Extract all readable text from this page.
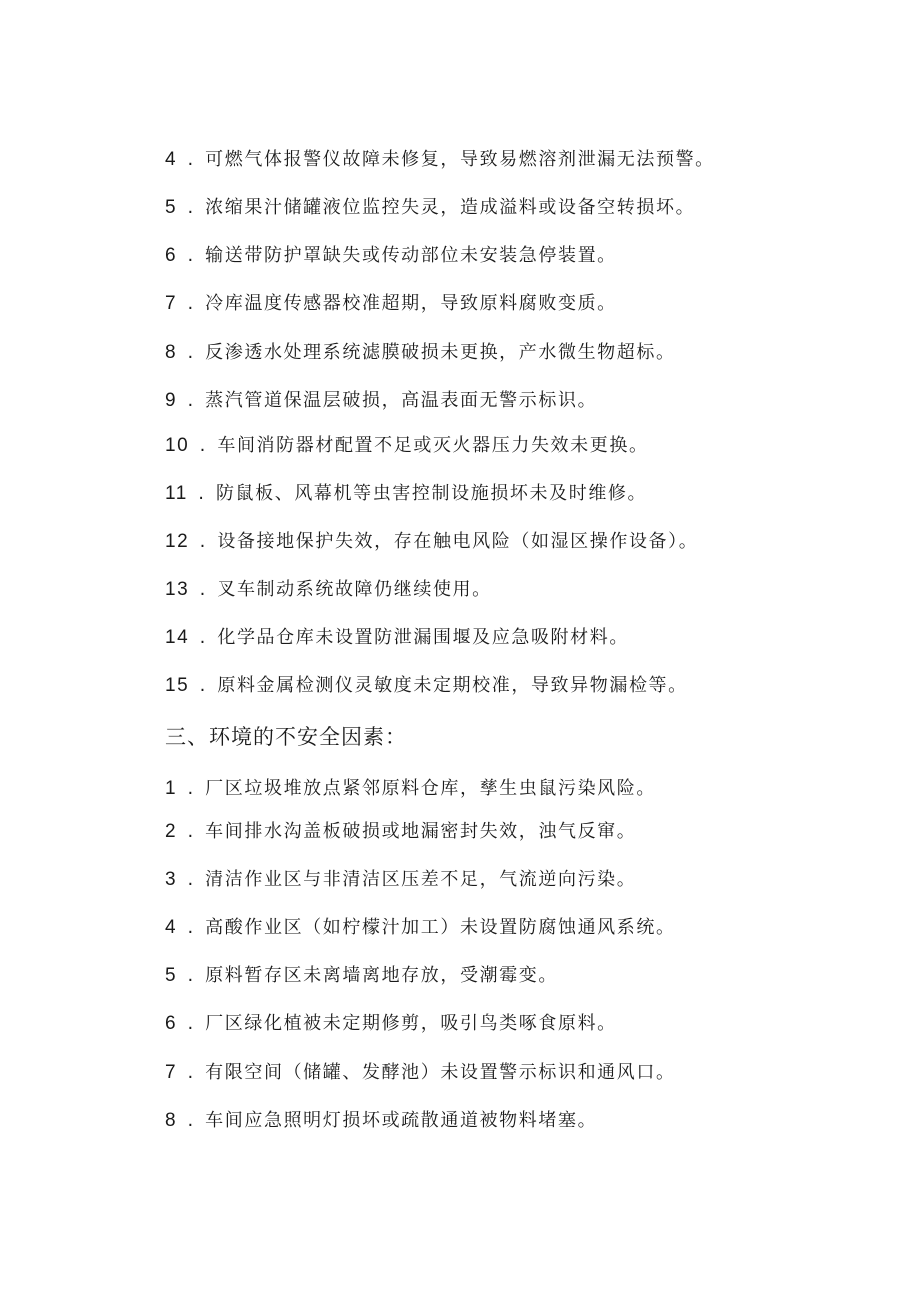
4 . 可燃气体报警仪故障未修复，导致易燃溶剂泄漏无法预警。
5 . 浓缩果汁储罐液位监控失灵，造成溢料或设备空转损坏。
6 . 输送带防护罩缺失或传动部位未安装急停装置。
7 . 冷库温度传感器校准超期，导致原料腐败变质。
8 . 反渗透水处理系统滤膜破损未更换，产水微生物超标。
9 . 蒸汽管道保温层破损，高温表面无警示标识。
10 . 车间消防器材配置不足或灭火器压力失效未更换。
11 . 防鼠板、风幕机等虫害控制设施损坏未及时维修。
12 . 设备接地保护失效，存在触电风险（如湿区操作设备）。
13 . 叉车制动系统故障仍继续使用。
14 . 化学品仓库未设置防泄漏围堰及应急吸附材料。
15 . 原料金属检测仪灵敏度未定期校准，导致异物漏检等。
三、环境的不安全因素：
1 . 厂区垃圾堆放点紧邻原料仓库，孳生虫鼠污染风险。
2 . 车间排水沟盖板破损或地漏密封失效，浊气反窜。
3 . 清洁作业区与非清洁区压差不足，气流逆向污染。
4 . 高酸作业区（如柠檬汁加工）未设置防腐蚀通风系统。
5 . 原料暂存区未离墙离地存放，受潮霉变。
6 . 厂区绿化植被未定期修剪，吸引鸟类啄食原料。
7 . 有限空间（储罐、发酵池）未设置警示标识和通风口。
8 . 车间应急照明灯损坏或疏散通道被物料堵塞。
